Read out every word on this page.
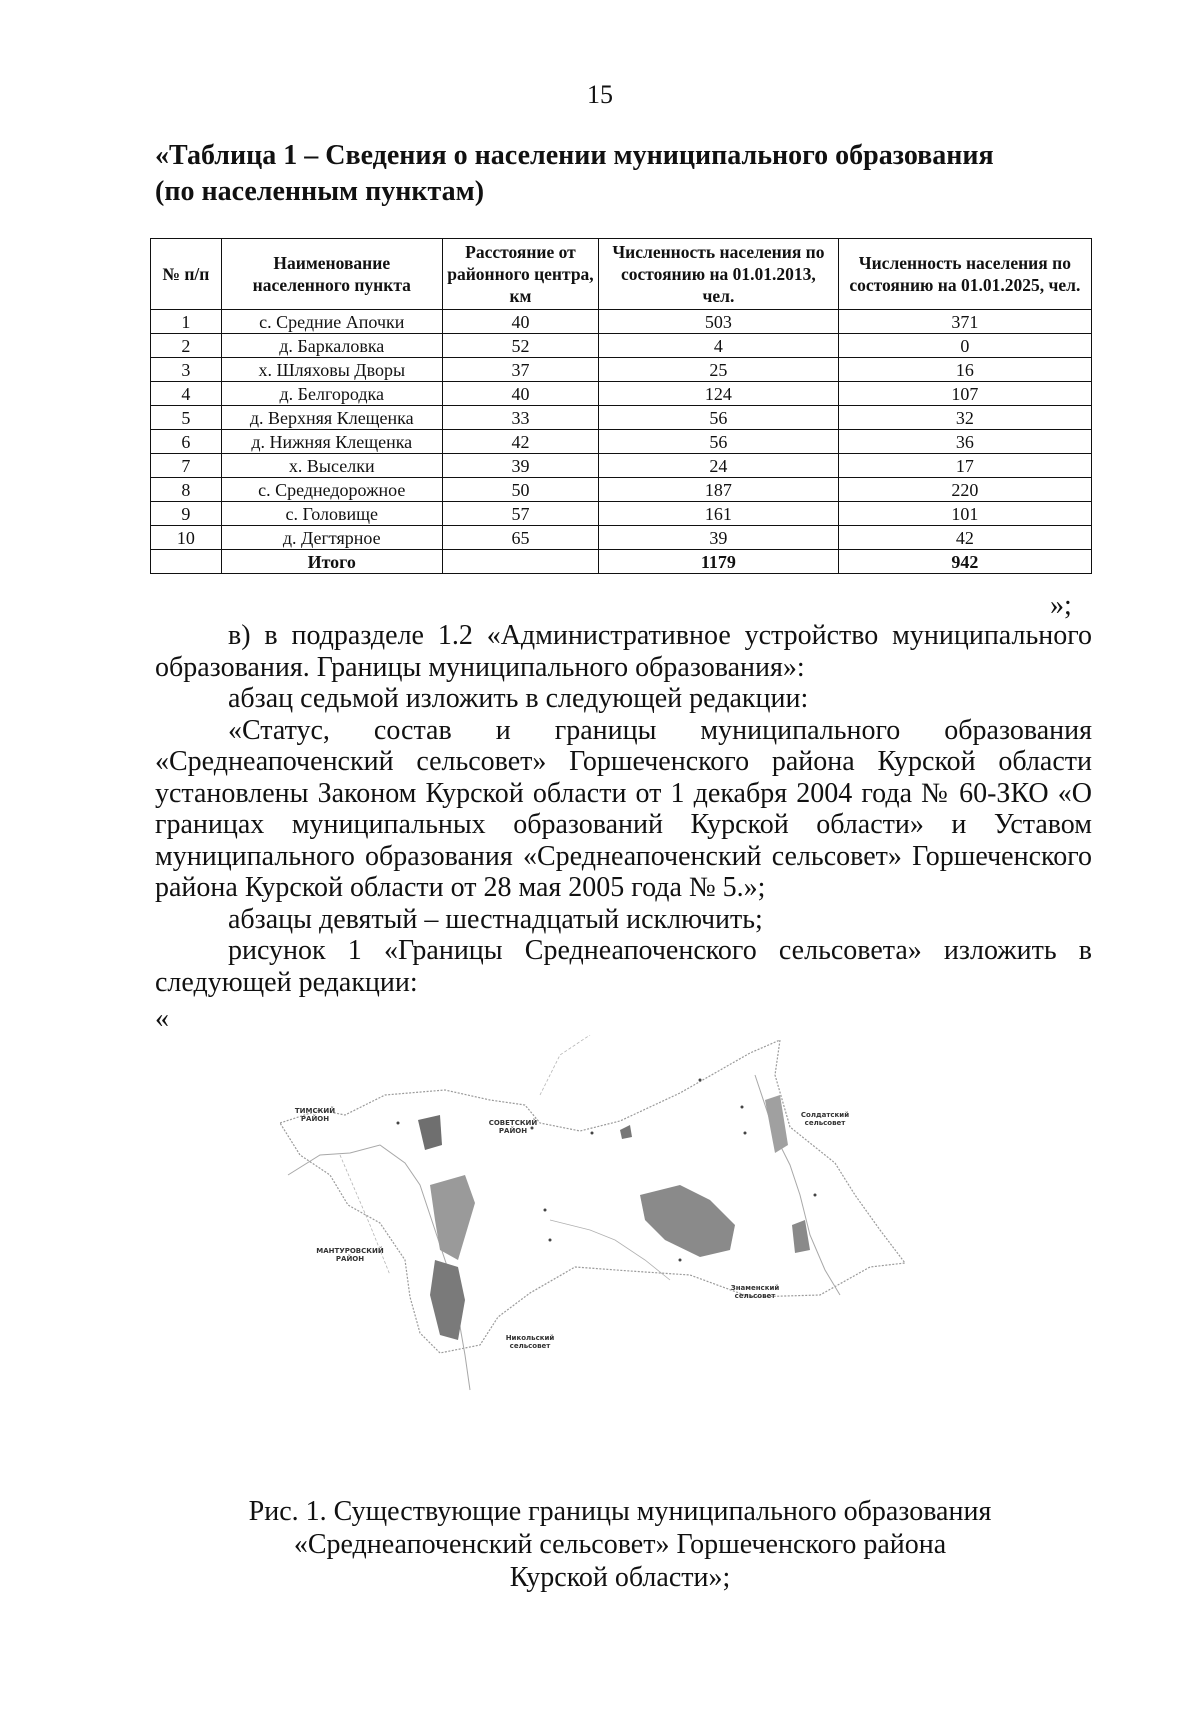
15
«Таблица 1 – Сведения о населении муниципального образования
(по населенным пунктам)
№ п/п	Наименование населенного пункта	Расстояние от районного центра, км	Численность населения по состоянию на 01.01.2013, чел.	Численность населения по состоянию на 01.01.2025, чел.
1	с. Средние Апочки	40	503	371
2	д. Баркаловка	52	4	0
3	х. Шляховы Дворы	37	25	16
4	д. Белгородка	40	124	107
5	д. Верхняя Клещенка	33	56	32
6	д. Нижняя Клещенка	42	56	36
7	х. Выселки	39	24	17
8	с. Среднедорожное	50	187	220
9	с. Головище	57	161	101
10	д. Дегтярное	65	39	42
	Итого		1179	942
»;

в) в подразделе 1.2 «Административное устройство муниципального образования. Границы муниципального образования»:

абзац седьмой изложить в следующей редакции:

«Статус, состав и границы муниципального образования «Среднеапоченский сельсовет» Горшеченского района Курской области установлены Законом Курской области от 1 декабря 2004 года № 60-ЗКО «О границах муниципальных образований Курской области» и Уставом муниципального образования «Среднеапоченский сельсовет» Горшеченского района Курской области от 28 мая 2005 года № 5.»;

абзацы девятый – шестнадцатый исключить;

рисунок 1 «Границы Среднеапоченского сельсовета» изложить в следующей редакции:

«
ТИМСКИЙ
РАЙОН	СОВЕТСКИЙ
РАЙОН
Солдатский
сельсовет
МАНТУРОВСКИЙ
РАЙОН
Знаменский
сельсовет
Никольский
сельсовет
Рис. 1. Существующие границы муниципального образования
«Среднеапоченский сельсовет» Горшеченского района
Курской области»;
